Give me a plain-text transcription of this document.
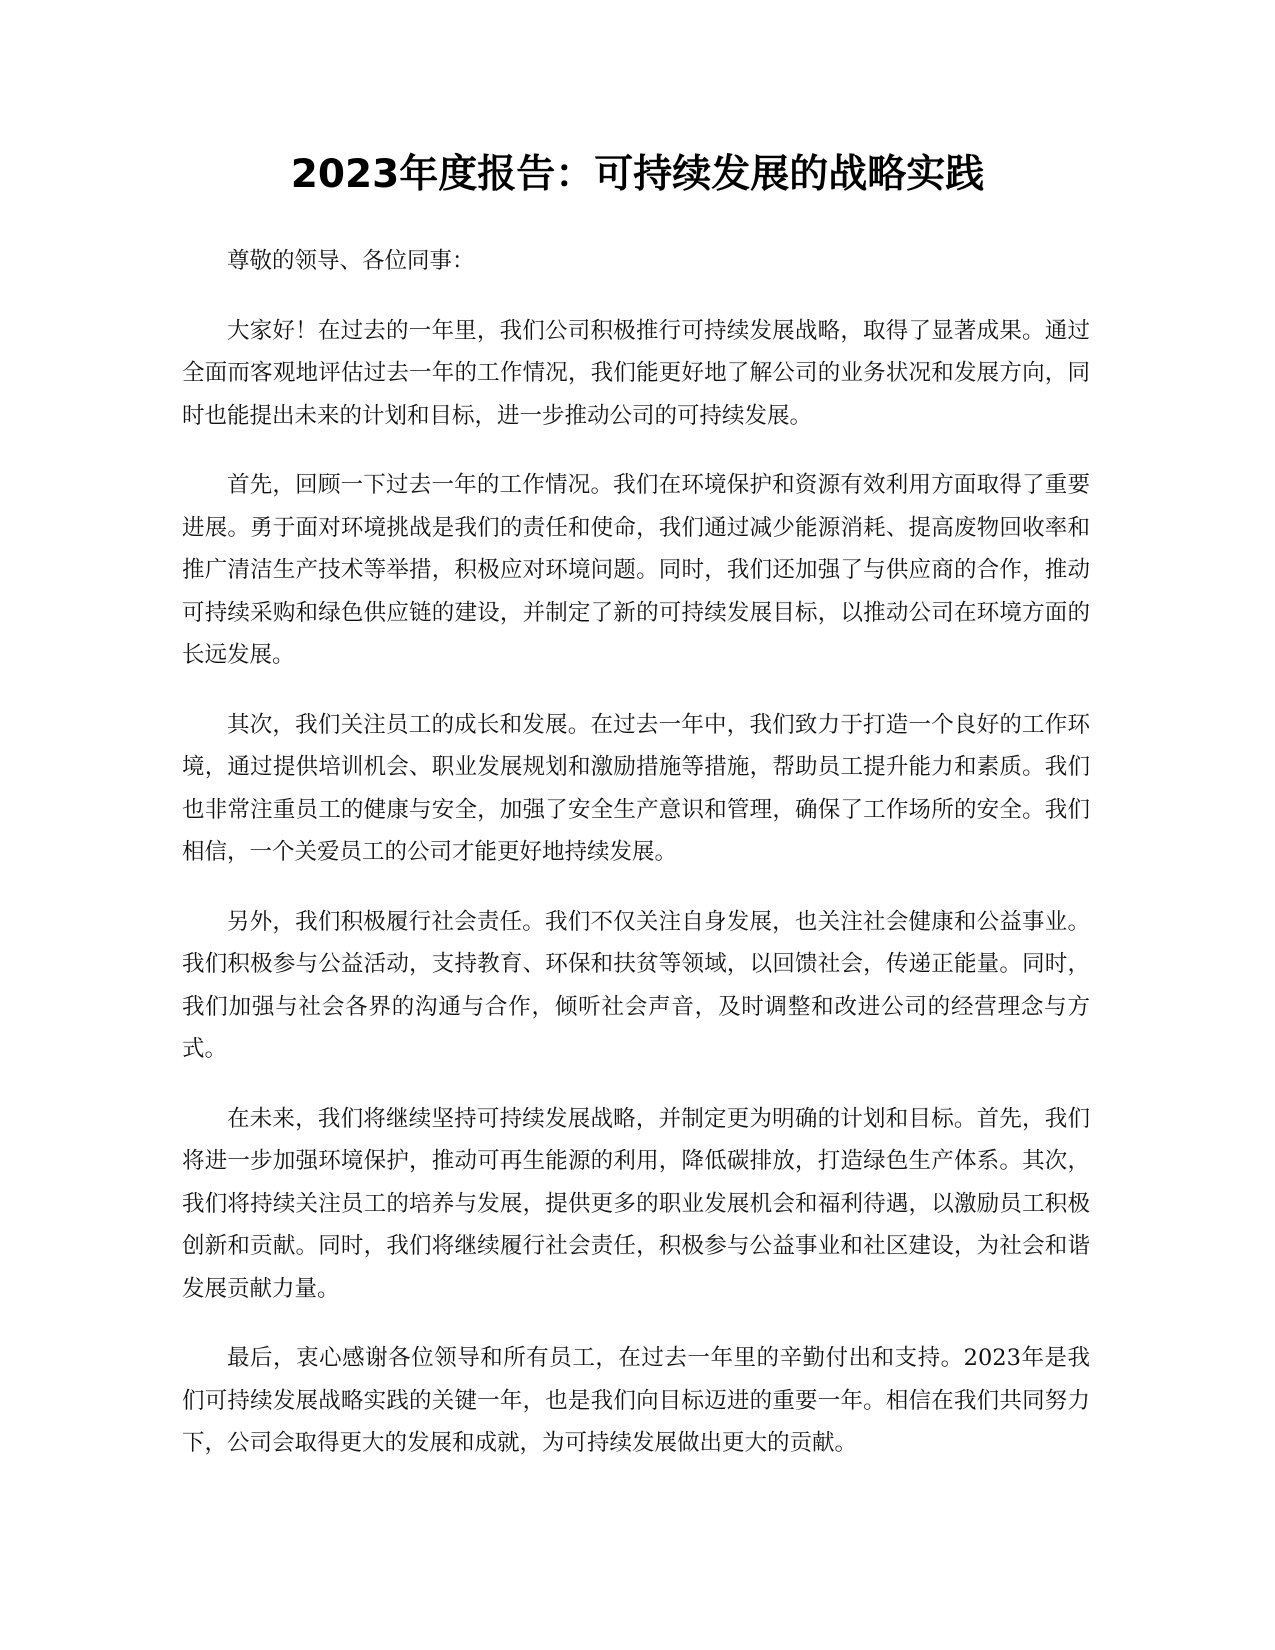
2023年度报告：可持续发展的战略实践

尊敬的领导、各位同事：

大家好！在过去的一年里，我们公司积极推行可持续发展战略，取得了显著成果。通过全面而客观地评估过去一年的工作情况，我们能更好地了解公司的业务状况和发展方向，同时也能提出未来的计划和目标，进一步推动公司的可持续发展。

首先，回顾一下过去一年的工作情况。我们在环境保护和资源有效利用方面取得了重要进展。勇于面对环境挑战是我们的责任和使命，我们通过减少能源消耗、提高废物回收率和推广清洁生产技术等举措，积极应对环境问题。同时，我们还加强了与供应商的合作，推动可持续采购和绿色供应链的建设，并制定了新的可持续发展目标，以推动公司在环境方面的长远发展。

其次，我们关注员工的成长和发展。在过去一年中，我们致力于打造一个良好的工作环境，通过提供培训机会、职业发展规划和激励措施等措施，帮助员工提升能力和素质。我们也非常注重员工的健康与安全，加强了安全生产意识和管理，确保了工作场所的安全。我们相信，一个关爱员工的公司才能更好地持续发展。

另外，我们积极履行社会责任。我们不仅关注自身发展，也关注社会健康和公益事业。我们积极参与公益活动，支持教育、环保和扶贫等领域，以回馈社会，传递正能量。同时，我们加强与社会各界的沟通与合作，倾听社会声音，及时调整和改进公司的经营理念与方式。

在未来，我们将继续坚持可持续发展战略，并制定更为明确的计划和目标。首先，我们将进一步加强环境保护，推动可再生能源的利用，降低碳排放，打造绿色生产体系。其次，我们将持续关注员工的培养与发展，提供更多的职业发展机会和福利待遇，以激励员工积极创新和贡献。同时，我们将继续履行社会责任，积极参与公益事业和社区建设，为社会和谐发展贡献力量。

最后，衷心感谢各位领导和所有员工，在过去一年里的辛勤付出和支持。2023年是我们可持续发展战略实践的关键一年，也是我们向目标迈进的重要一年。相信在我们共同努力下，公司会取得更大的发展和成就，为可持续发展做出更大的贡献。
